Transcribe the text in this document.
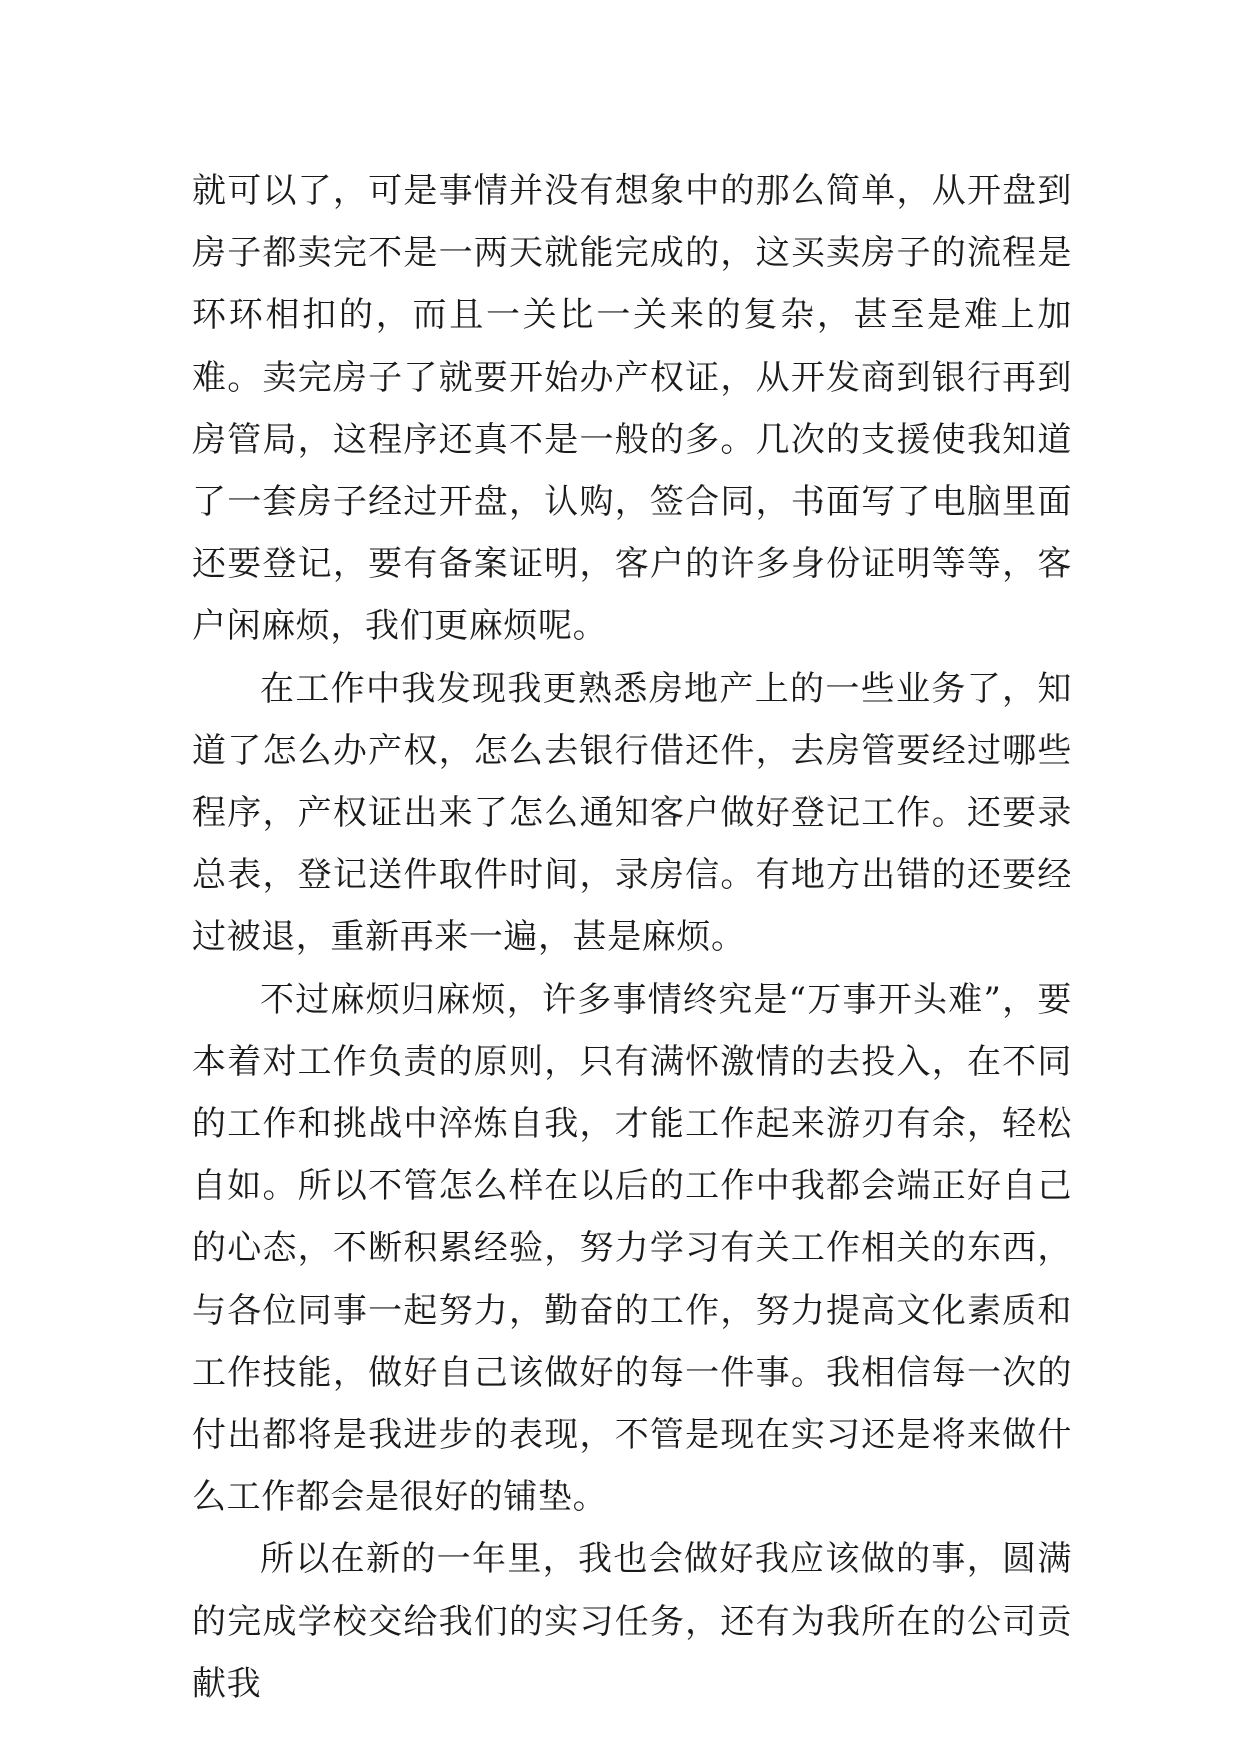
就可以了，可是事情并没有想象中的那么简单，从开盘到房子都卖完不是一两天就能完成的，这买卖房子的流程是环环相扣的，而且一关比一关来的复杂，甚至是难上加难。卖完房子了就要开始办产权证，从开发商到银行再到房管局，这程序还真不是一般的多。几次的支援使我知道了一套房子经过开盘，认购，签合同，书面写了电脑里面还要登记，要有备案证明，客户的许多身份证明等等，客户闲麻烦，我们更麻烦呢。

在工作中我发现我更熟悉房地产上的一些业务了，知道了怎么办产权，怎么去银行借还件，去房管要经过哪些程序，产权证出来了怎么通知客户做好登记工作。还要录总表，登记送件取件时间，录房信。有地方出错的还要经过被退，重新再来一遍，甚是麻烦。

不过麻烦归麻烦，许多事情终究是“万事开头难”，要本着对工作负责的原则，只有满怀激情的去投入，在不同的工作和挑战中淬炼自我，才能工作起来游刃有余，轻松自如。所以不管怎么样在以后的工作中我都会端正好自己的心态，不断积累经验，努力学习有关工作相关的东西，与各位同事一起努力，勤奋的工作，努力提高文化素质和工作技能，做好自己该做好的每一件事。我相信每一次的付出都将是我进步的表现，不管是现在实习还是将来做什么工作都会是很好的铺垫。

所以在新的一年里，我也会做好我应该做的事，圆满的完成学校交给我们的实习任务，还有为我所在的公司贡献我
